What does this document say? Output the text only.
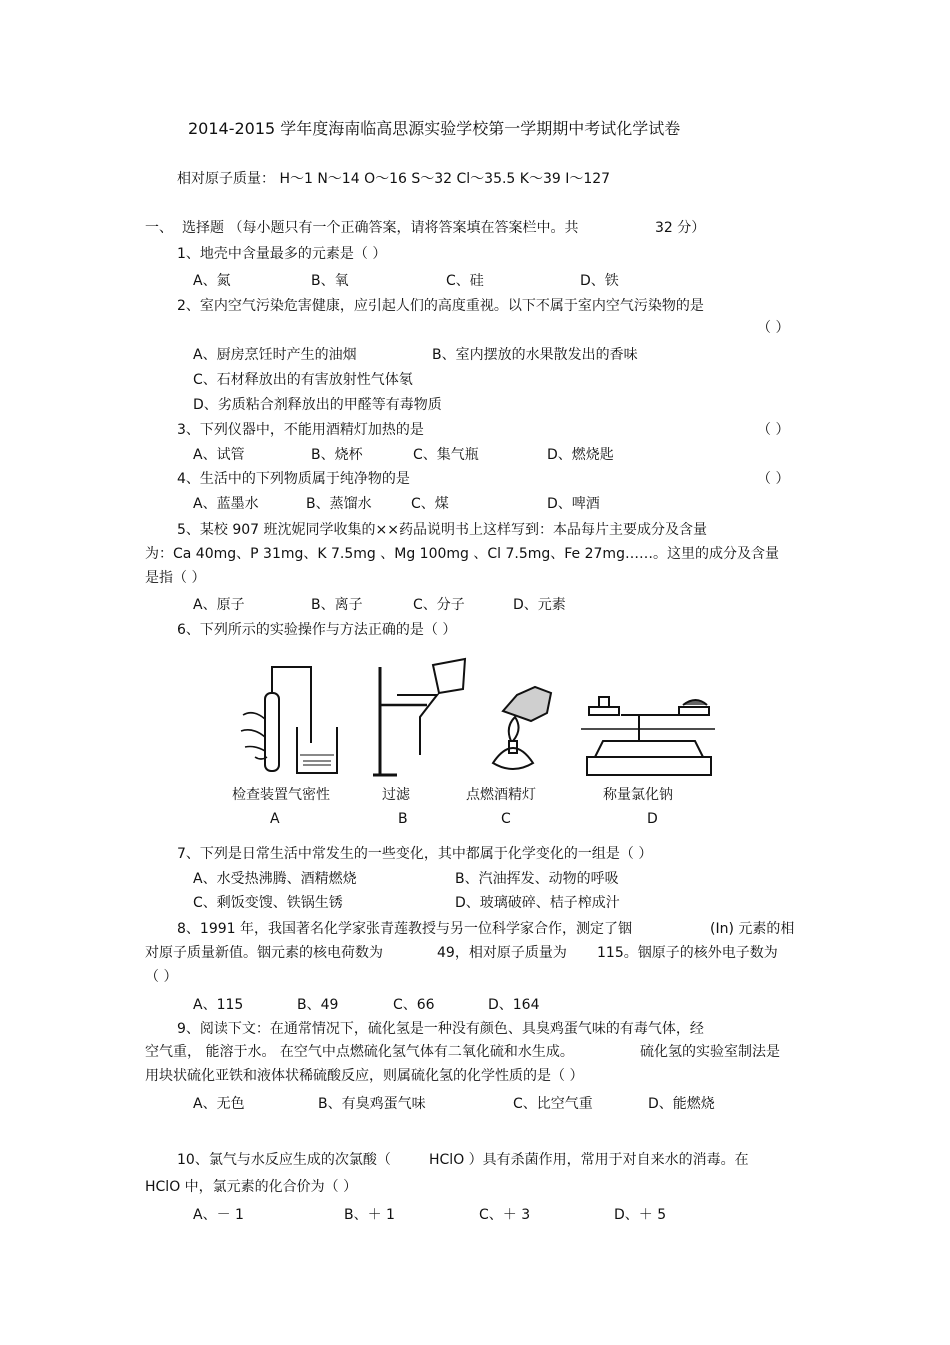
2014-2015 学年度海南临高思源实验学校第一学期期中考试化学试卷
相对原子质量： H～1 N～14 O～16 S～32 Cl～35.5 K～39 I～127
一、 选择题 （每小题只有一个正确答案，请将答案填在答案栏中。共	32 分）
1、地壳中含量最多的元素是（ ）
A、氮	B、氧	C、硅	D、铁
2、室内空气污染危害健康，应引起人们的高度重视。以下不属于室内空气污染物的是
（ ）
A、厨房烹饪时产生的油烟	B、室内摆放的水果散发出的香味
C、石材释放出的有害放射性气体氡
D、劣质粘合剂释放出的甲醛等有毒物质
3、下列仪器中，不能用酒精灯加热的是	（ ）
A、试管	B、烧杯	C、集气瓶	D、燃烧匙
4、生活中的下列物质属于纯净物的是	（ ）
A、蓝墨水	B、蒸馏水	C、煤	D、啤酒
5、某校 907 班沈妮同学收集的××药品说明书上这样写到：本品每片主要成分及含量
为：Ca 40mg、P 31mg、K 7.5mg 、Mg 100mg 、Cl 7.5mg、Fe 27mg……。这里的成分及含量
是指（ ）
A、原子	B、离子	C、分子	D、元素
6、下列所示的实验操作与方法正确的是（ ）
检查装置气密性	过滤	点燃酒精灯	称量氯化钠
A	B	C	D
7、下列是日常生活中常发生的一些变化，其中都属于化学变化的一组是（ ）
A、水受热沸腾、酒精燃烧	B、汽油挥发、动物的呼吸
C、剩饭变馊、铁锅生锈	D、玻璃破碎、桔子榨成汁
8、1991 年，我国著名化学家张青莲教授与另一位科学家合作，测定了铟	(In) 元素的相
对原子质量新值。铟元素的核电荷数为	49，相对原子质量为 115。铟原子的核外电子数为
（ ）
A、115	B、49	C、66	D、164
9、阅读下文：在通常情况下，硫化氢是一种没有颜色、具臭鸡蛋气味的有毒气体，经
空气重， 能溶于水。 在空气中点燃硫化氢气体有二氧化硫和水生成。	硫化氢的实验室制法是
用块状硫化亚铁和液体状稀硫酸反应，则属硫化氢的化学性质的是（ ）
A、无色	B、有臭鸡蛋气味	C、比空气重	D、能燃烧
10、氯气与水反应生成的次氯酸（	HClO ）具有杀菌作用，常用于对自来水的消毒。在
HClO 中，氯元素的化合价为（ ）
A、－ 1	B、＋ 1	C、＋ 3	D、＋ 5
